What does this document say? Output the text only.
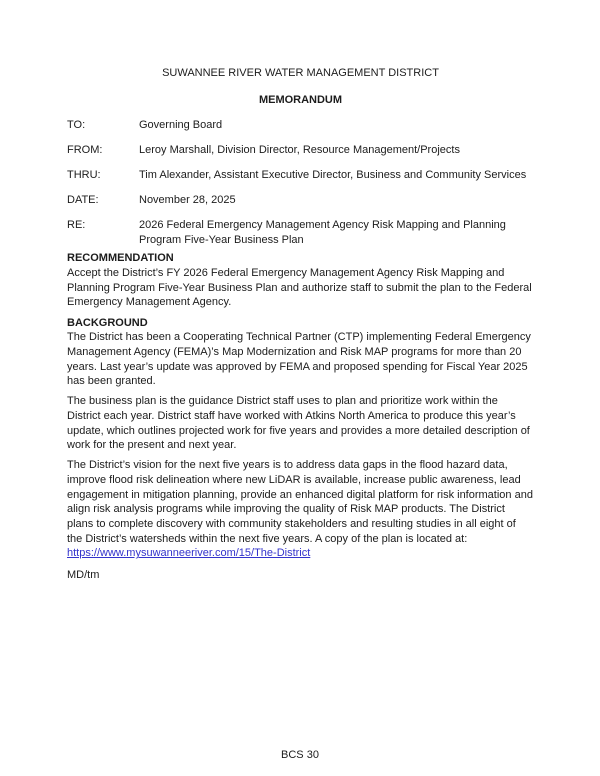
SUWANNEE RIVER WATER MANAGEMENT DISTRICT
MEMORANDUM
TO:	Governing Board
FROM:	Leroy Marshall, Division Director, Resource Management/Projects
THRU:	Tim Alexander, Assistant Executive Director, Business and Community Services
DATE:	November 28, 2025
RE:	2026 Federal Emergency Management Agency Risk Mapping and Planning Program Five-Year Business Plan
RECOMMENDATION

Accept the District’s FY 2026 Federal Emergency Management Agency Risk Mapping and Planning Program Five-Year Business Plan and authorize staff to submit the plan to the Federal Emergency Management Agency.

BACKGROUND

The District has been a Cooperating Technical Partner (CTP) implementing Federal Emergency Management Agency (FEMA)’s Map Modernization and Risk MAP programs for more than 20 years. Last year’s update was approved by FEMA and proposed spending for Fiscal Year 2025 has been granted.

The business plan is the guidance District staff uses to plan and prioritize work within the District each year. District staff have worked with Atkins North America to produce this year’s update, which outlines projected work for five years and provides a more detailed description of work for the present and next year.

The District’s vision for the next five years is to address data gaps in the flood hazard data, improve flood risk delineation where new LiDAR is available, increase public awareness, lead engagement in mitigation planning, provide an enhanced digital platform for risk information and align risk analysis programs while improving the quality of Risk MAP products. The District plans to complete discovery with community stakeholders and resulting studies in all eight of the District’s watersheds within the next five years. A copy of the plan is located at:

https://www.mysuwanneeriver.com/15/The-District
MD/tm
BCS 30
